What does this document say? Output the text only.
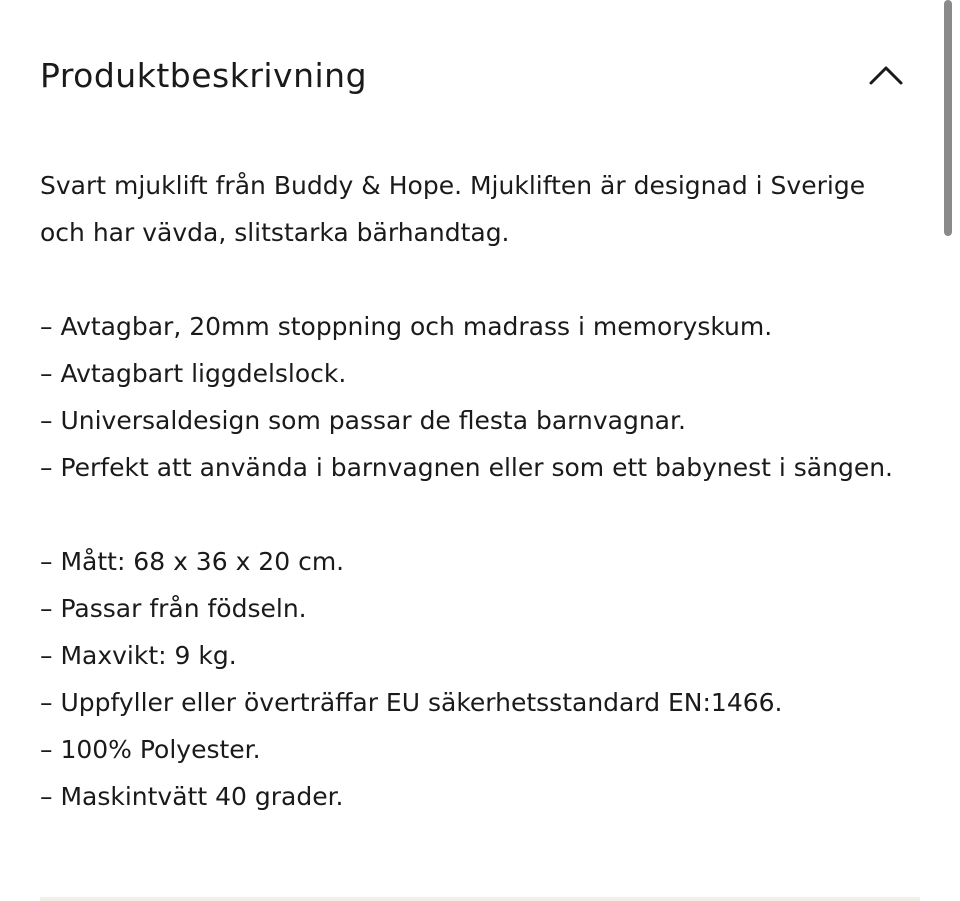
Produktbeskrivning

Svart mjuklift från Buddy & Hope. Mjukliften är designad i Sverige och har vävda, slitstarka bärhandtag.

– Avtagbar, 20mm stoppning och madrass i memoryskum.
– Avtagbart liggdelslock.
– Universaldesign som passar de flesta barnvagnar.
– Perfekt att använda i barnvagnen eller som ett babynest i sängen.
– Mått: 68 x 36 x 20 cm.
– Passar från födseln.
– Maxvikt: 9 kg.
– Uppfyller eller överträffar EU säkerhetsstandard EN:1466.
– 100% Polyester.
– Maskintvätt 40 grader.
